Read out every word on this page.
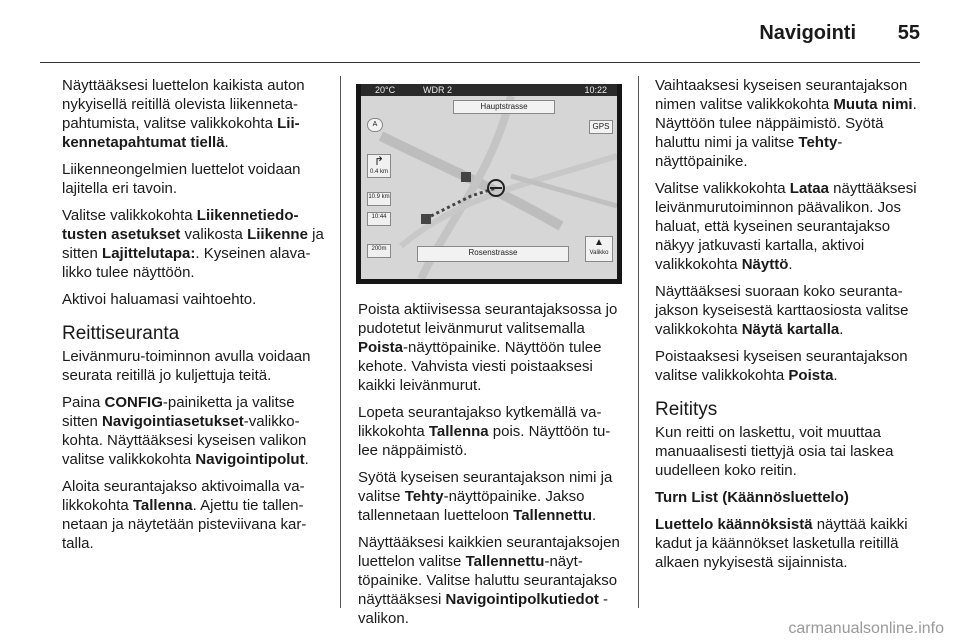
Navigointi 55

Näyttääksesi luettelon kaikista auton nykyisellä reitillä olevista liikennetapahtumista, valitse valikkokohta Liikennetapahtumat tiellä.

Liikenneongelmien luettelot voidaan lajitella eri tavoin.

Valitse valikkokohta Liikennetiedotusten asetukset valikosta Liikenne ja sitten Lajittelutapa:. Kyseinen alavalikko tulee näyttöön.

Aktivoi haluamasi vaihtoehto.

Reittiseuranta

Leivänmuru-toiminnon avulla voidaan seurata reitillä jo kuljettuja teitä.

Paina CONFIG-painiketta ja valitse sitten Navigointiasetukset-valikkokohta. Näyttääksesi kyseisen valikon valitse valikkokohta Navigointipolut.

Aloita seurantajakso aktivoimalla valikkokohta Tallenna. Ajettu tie tallennetaan ja näytetään pisteviivana kartalla.

20°C	WDR 2	10:22
Hauptstrasse
GPS
A
↱
0.4 km
10.9 km
10:44
200m	Rosenstrasse
▲
Valikko

Poista aktiivisessa seurantajaksossa jo pudotetut leivänmurut valitsemalla Poista-näyttöpainike. Näyttöön tulee kehote. Vahvista viesti poistaaksesi kaikki leivänmurut.

Lopeta seurantajakso kytkemällä valikkokohta Tallenna pois. Näyttöön tulee näppäimistö.

Syötä kyseisen seurantajakson nimi ja valitse Tehty-näyttöpainike. Jakso tallennetaan luetteloon Tallennettu.

Näyttääksesi kaikkien seurantajaksojen luettelon valitse Tallennettu-näyttöpainike. Valitse haluttu seurantajakso näyttääksesi Navigointipolkutiedot -valikon.

Vaihtaaksesi kyseisen seurantajakson nimen valitse valikkokohta Muuta nimi. Näyttöön tulee näppäimistö. Syötä haluttu nimi ja valitse Tehty-näyttöpainike.

Valitse valikkokohta Lataa näyttääksesi leivänmurutoiminnon päävalikon. Jos haluat, että kyseinen seurantajakso näkyy jatkuvasti kartalla, aktivoi valikkokohta Näyttö.

Näyttääksesi suoraan koko seurantajakson kyseisestä karttaosiosta valitse valikkokohta Näytä kartalla.

Poistaaksesi kyseisen seurantajakson valitse valikkokohta Poista.

Reititys

Kun reitti on laskettu, voit muuttaa manuaalisesti tiettyjä osia tai laskea uudelleen koko reitin.

Turn List (Käännösluettelo)

Luettelo käännöksistä näyttää kaikki kadut ja käännökset lasketulla reitillä alkaen nykyisestä sijainnista.

carmanualsonline.info
